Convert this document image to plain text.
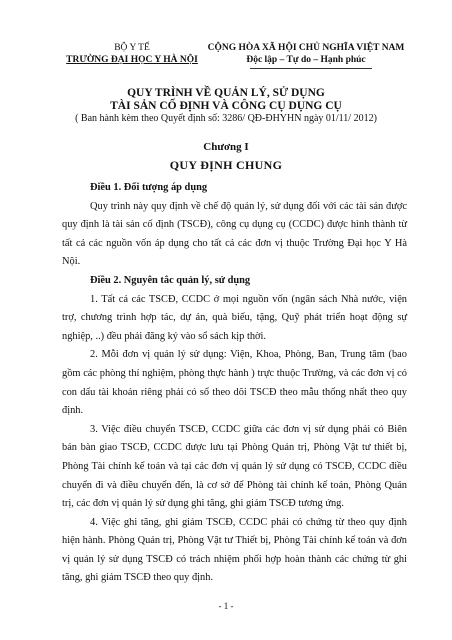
BỘ Y TẾ
TRƯỜNG ĐẠI HỌC Y HÀ NỘI
CỘNG HÒA XÃ HỘI CHỦ NGHĨA VIỆT NAM
Độc lập – Tự do – Hạnh phúc
QUY TRÌNH VỀ QUẢN LÝ, SỬ DỤNG
TÀI SẢN CỐ ĐỊNH VÀ CÔNG CỤ DỤNG CỤ
( Ban hành kèm theo Quyết định số: 3286/ QĐ-ĐHYHN ngày 01/11/ 2012)
Chương I
QUY ĐỊNH CHUNG

Điều 1. Đối tượng áp dụng

Quy trình này quy định về chế độ quản lý, sử dụng đối với các tài sản được quy định là tài sản cố định (TSCĐ), công cụ dụng cụ (CCDC) được hình thành từ tất cả các nguồn vốn áp dụng cho tất cả các đơn vị thuộc Trường Đại học Y Hà Nội.

Điều 2. Nguyên tắc quản lý, sử dụng

1. Tất cả các TSCĐ, CCDC ở mọi nguồn vốn (ngân sách Nhà nước, viện trợ, chương trình hợp tác, dự án, quà biếu, tặng, Quỹ phát triển hoạt động sự nghiệp, ..) đều phải đăng ký vào sổ sách kịp thời.

2. Mỗi đơn vị quản lý sử dụng: Viện, Khoa, Phòng, Ban, Trung tâm (bao gồm các phòng thí nghiệm, phòng thực hành ) trực thuộc Trường, và các đơn vị có con dấu tài khoản riêng phải có sổ theo dõi TSCĐ theo mẫu thống nhất theo quy định.

3. Việc điều chuyển TSCĐ, CCDC giữa các đơn vị sử dụng phải có Biên bản bàn giao TSCĐ, CCDC được lưu tại Phòng Quản trị, Phòng Vật tư thiết bị, Phòng Tài chính kế toán và tại các đơn vị quản lý sử dụng có TSCĐ, CCDC điều chuyển đi và điều chuyển đến, là cơ sở để Phòng tài chính kế toán, Phòng Quản trị, các đơn vị quản lý sử dụng ghi tăng, ghi giảm TSCĐ tương ứng.

4. Việc ghi tăng, ghi giảm TSCĐ, CCDC phải có chứng từ theo quy định hiện hành. Phòng Quản trị, Phòng Vật tư Thiết bị, Phòng Tài chính kế toán và đơn vị quản lý sử dụng TSCĐ có trách nhiệm phối hợp hoàn thành các chứng từ ghi tăng, ghi giảm TSCĐ theo quy định.

- 1 -
